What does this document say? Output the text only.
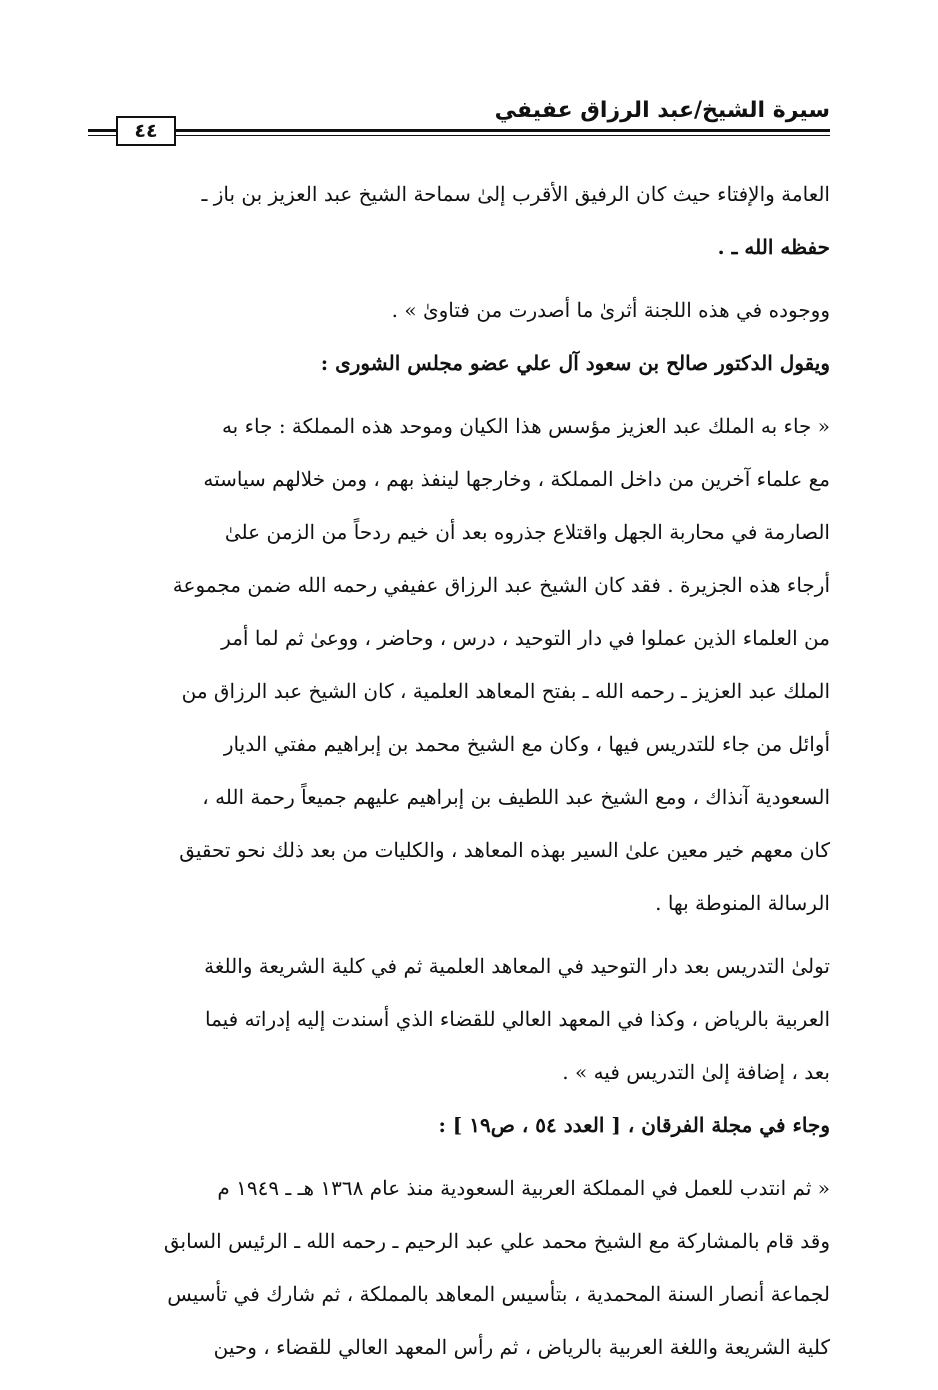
٤٤
سيرة الشيخ/عبد الرزاق عفيفي
العامة والإفتاء حيث كان الرفيق الأقرب إلىٰ سماحة الشيخ عبد العزيز بن باز ـ
حفظه الله ـ .
ووجوده في هذه اللجنة أثرىٰ ما أصدرت من فتاوىٰ » .
ويقول الدكتور صالح بن سعود آل علي عضو مجلس الشورى :
« جاء به الملك عبد العزيز مؤسس هذا الكيان وموحد هذه المملكة : جاء به
مع علماء آخرين من داخل المملكة ، وخارجها لينفذ بهم ، ومن خلالهم سياسته
الصارمة في محاربة الجهل واقتلاع جذروه بعد أن خيم ردحاً من الزمن علىٰ
أرجاء هذه الجزيرة . فقد كان الشيخ عبد الرزاق عفيفي رحمه الله ضمن مجموعة
من العلماء الذين عملوا في دار التوحيد ، درس ، وحاضر ، ووعىٰ ثم لما أمر
الملك عبد العزيز ـ رحمه الله ـ بفتح المعاهد العلمية ، كان الشيخ عبد الرزاق من
أوائل من جاء للتدريس فيها ، وكان مع الشيخ محمد بن إبراهيم مفتي الديار
السعودية آنذاك ، ومع الشيخ عبد اللطيف بن إبراهيم عليهم جميعاً رحمة الله ،
كان معهم خير معين علىٰ السير بهذه المعاهد ، والكليات من بعد ذلك نحو تحقيق
الرسالة المنوطة بها .
تولىٰ التدريس بعد دار التوحيد في المعاهد العلمية ثم في كلية الشريعة واللغة
العربية بالرياض ، وكذا في المعهد العالي للقضاء الذي أسندت إليه إدراته فيما
بعد ، إضافة إلىٰ التدريس فيه » .
وجاء في مجلة الفرقان ، [ العدد ٥٤ ، ص١٩ ] :
« ثم انتدب للعمل في المملكة العربية السعودية منذ عام ١٣٦٨ هـ ـ ١٩٤٩ م
وقد قام بالمشاركة مع الشيخ محمد علي عبد الرحيم ـ رحمه الله ـ الرئيس السابق
لجماعة أنصار السنة المحمدية ، بتأسيس المعاهد بالمملكة ، ثم شارك في تأسيس
كلية الشريعة واللغة العربية بالرياض ، ثم رأس المعهد العالي للقضاء ، وحين
